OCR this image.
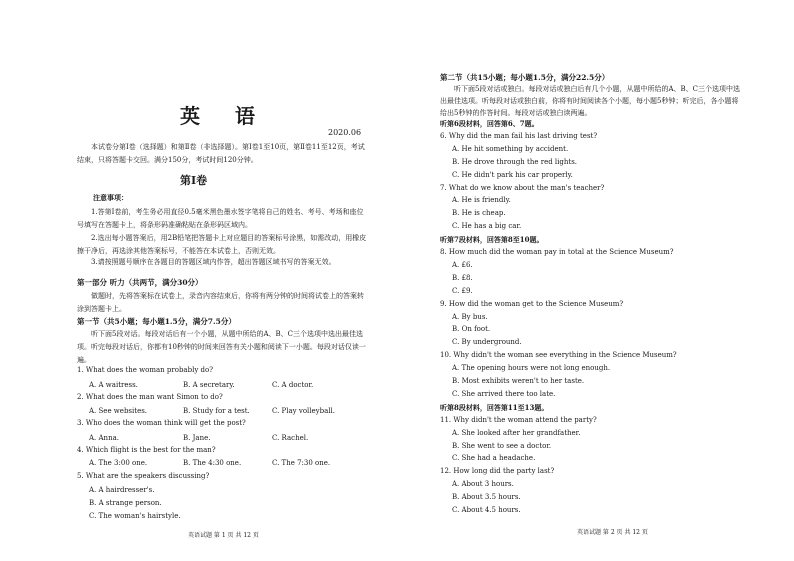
英 语
2020.06
本试卷分第Ⅰ卷（选择题）和第Ⅱ卷（非选择题）。第Ⅰ卷1至10页，第Ⅱ卷11至12页，考试结束，只将答题卡交回。满分150分，考试时间120分钟。
第Ⅰ卷
注意事项：
1.答第Ⅰ卷前，考生务必用直径0.5毫米黑色墨水签字笔将自己的姓名、考号、考场和座位号填写在答题卡上，将条形码准确粘贴在条形码区域内。
2.选出每小题答案后，用2B铅笔把答题卡上对应题目的答案标号涂黑，如需改动，用橡皮擦干净后，再选涂其他答案标号，不能答在本试卷上，否则无效。
3.请按照题号顺序在各题目的答题区域内作答，超出答题区域书写的答案无效。
第一部分 听力（共两节，满分30分）
做题时，先将答案标在试卷上，录音内容结束后，你将有两分钟的时间将试卷上的答案转涂到答题卡上。
第一节（共5小题；每小题1.5分，满分7.5分）
听下面5段对话。每段对话后有一个小题，从题中所给的A、B、C三个选项中选出最佳选项。听完每段对话后，你都有10秒钟的时间来回答有关小题和阅读下一小题。每段对话仅读一遍。
1. What does the woman probably do?
A. A waitress.	B. A secretary.	C. A doctor.
2. What does the man want Simon to do?
A. See websites.	B. Study for a test.	C. Play volleyball.
3. Who does the woman think will get the post?
A. Anna.	B. Jane.	C. Rachel.
4. Which flight is the best for the man?
A. The 3:00 one.	B. The 4:30 one.	C. The 7:30 one.
5. What are the speakers discussing?
A. A hairdresser's.
B. A strange person.
C. The woman's hairstyle.
英语试题 第 1 页 共 12 页
第二节（共15小题；每小题1.5分，满分22.5分）
听下面5段对话或独白。每段对话或独白后有几个小题，从题中所给的A、B、C三个选项中选出最佳选项。听每段对话或独白前，你将有时间阅读各个小题，每小题5秒钟；听完后，各小题将给出5秒钟的作答时间。每段对话或独白读两遍。
听第6段材料，回答第6、7题。
6. Why did the man fail his last driving test?
A. He hit something by accident.
B. He drove through the red lights.
C. He didn't park his car properly.
7. What do we know about the man's teacher?
A. He is friendly.
B. He is cheap.
C. He has a big car.
听第7段材料，回答第8至10题。
8. How much did the woman pay in total at the Science Museum?
A. £6.
B. £8.
C. £9.
9. How did the woman get to the Science Museum?
A. By bus.
B. On foot.
C. By underground.
10. Why didn't the woman see everything in the Science Museum?
A. The opening hours were not long enough.
B. Most exhibits weren't to her taste.
C. She arrived there too late.
听第8段材料，回答第11至13题。
11. Why didn't the woman attend the party?
A. She looked after her grandfather.
B. She went to see a doctor.
C. She had a headache.
12. How long did the party last?
A. About 3 hours.
B. About 3.5 hours.
C. About 4.5 hours.
英语试题 第 2 页 共 12 页
